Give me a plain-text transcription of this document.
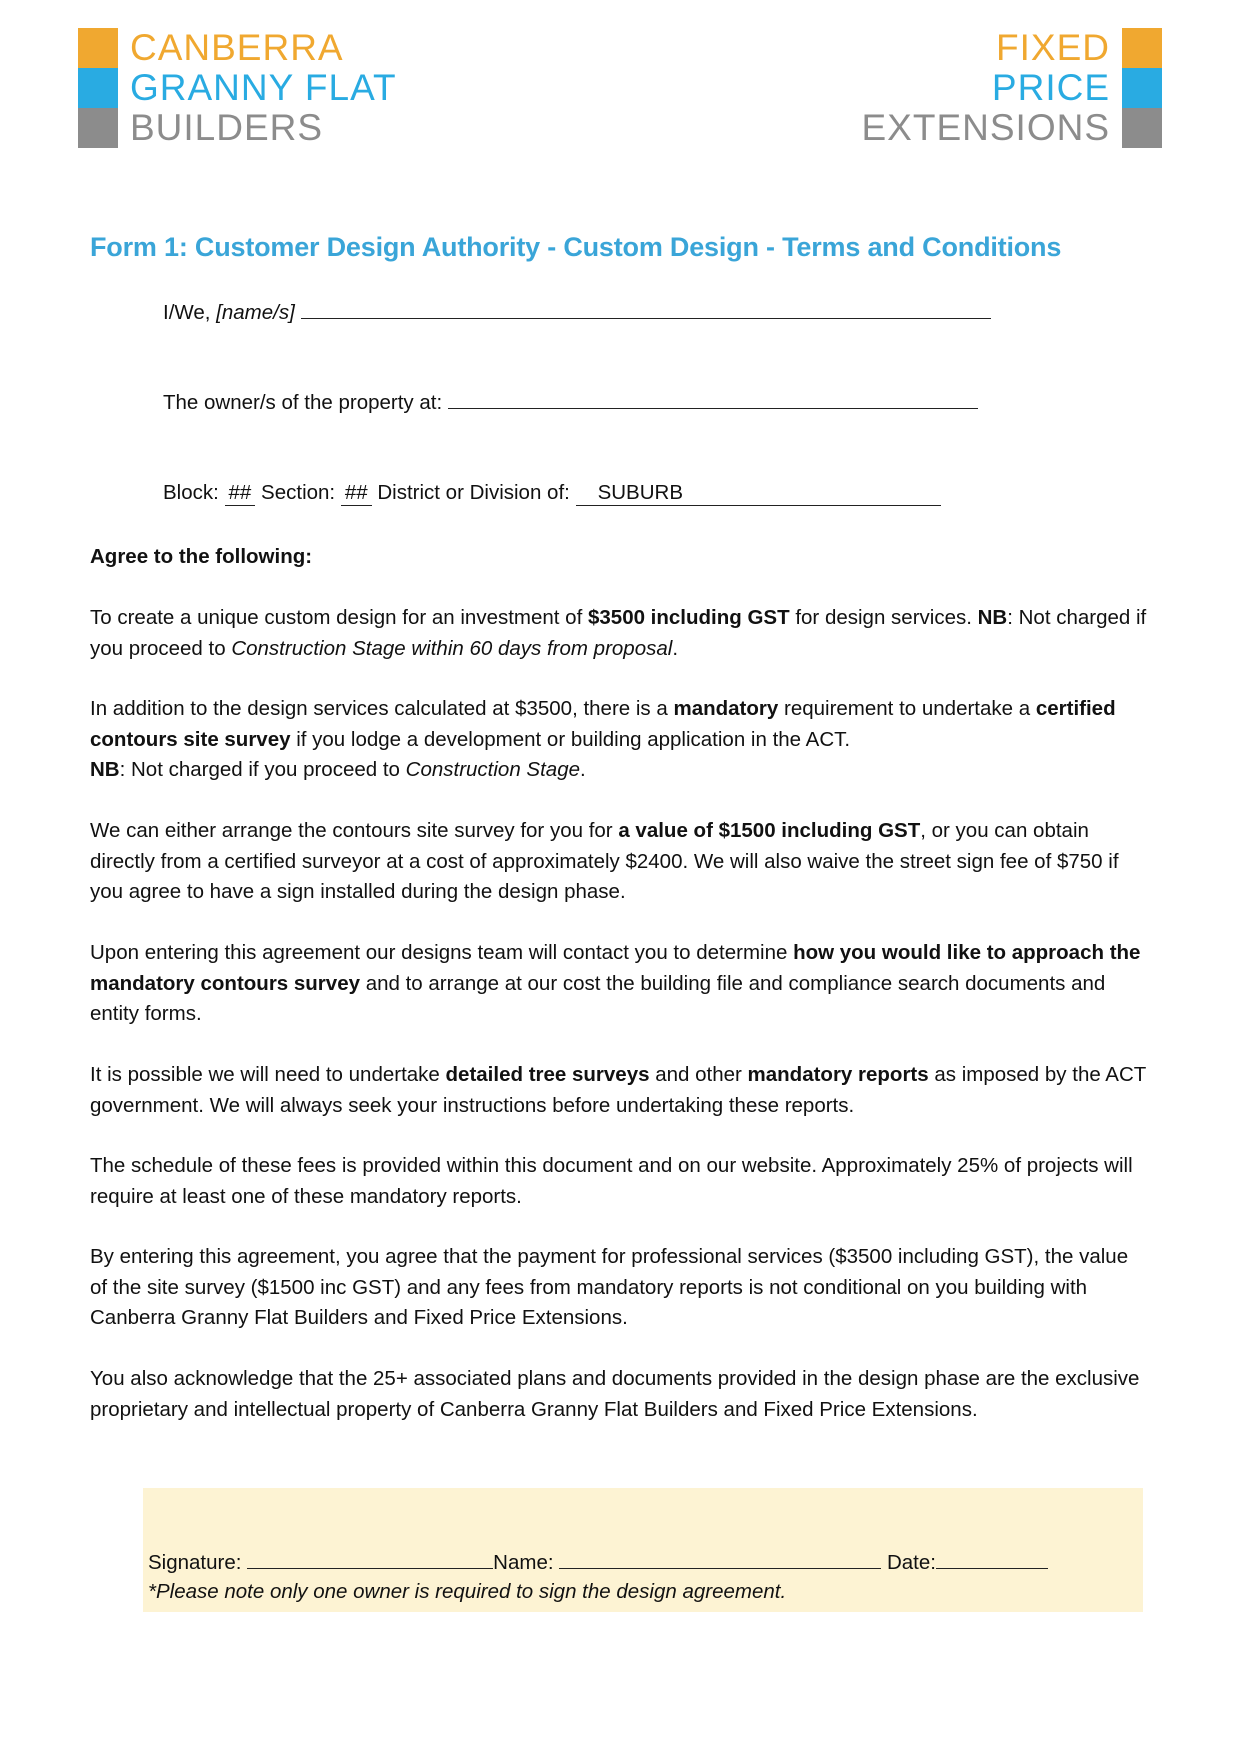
CANBERRA
GRANNY FLAT
BUILDERS
FIXED
PRICE
EXTENSIONS
Form 1: Customer Design Authority - Custom Design - Terms and Conditions
I/We, [name/s]
The owner/s of the property at:
Block: ## Section: ## District or Division of: SUBURB

Agree to the following:

To create a unique custom design for an investment of $3500 including GST for design services. NB: Not charged if you proceed to Construction Stage within 60 days from proposal.

In addition to the design services calculated at $3500, there is a mandatory requirement to undertake a certified contours site survey if you lodge a development or building application in the ACT.
NB: Not charged if you proceed to Construction Stage.

We can either arrange the contours site survey for you for a value of $1500 including GST, or you can obtain directly from a certified surveyor at a cost of approximately $2400. We will also waive the street sign fee of $750 if you agree to have a sign installed during the design phase.

Upon entering this agreement our designs team will contact you to determine how you would like to approach the mandatory contours survey and to arrange at our cost the building file and compliance search documents and entity forms.

It is possible we will need to undertake detailed tree surveys and other mandatory reports as imposed by the ACT government. We will always seek your instructions before undertaking these reports.

The schedule of these fees is provided within this document and on our website. Approximately 25% of projects will require at least one of these mandatory reports.

By entering this agreement, you agree that the payment for professional services ($3500 including GST), the value of the site survey ($1500 inc GST) and any fees from mandatory reports is not conditional on you building with Canberra Granny Flat Builders and Fixed Price Extensions.

You also acknowledge that the 25+ associated plans and documents provided in the design phase are the exclusive proprietary and intellectual property of Canberra Granny Flat Builders and Fixed Price Extensions.

Signature:	Name:	Date:
*Please note only one owner is required to sign the design agreement.
